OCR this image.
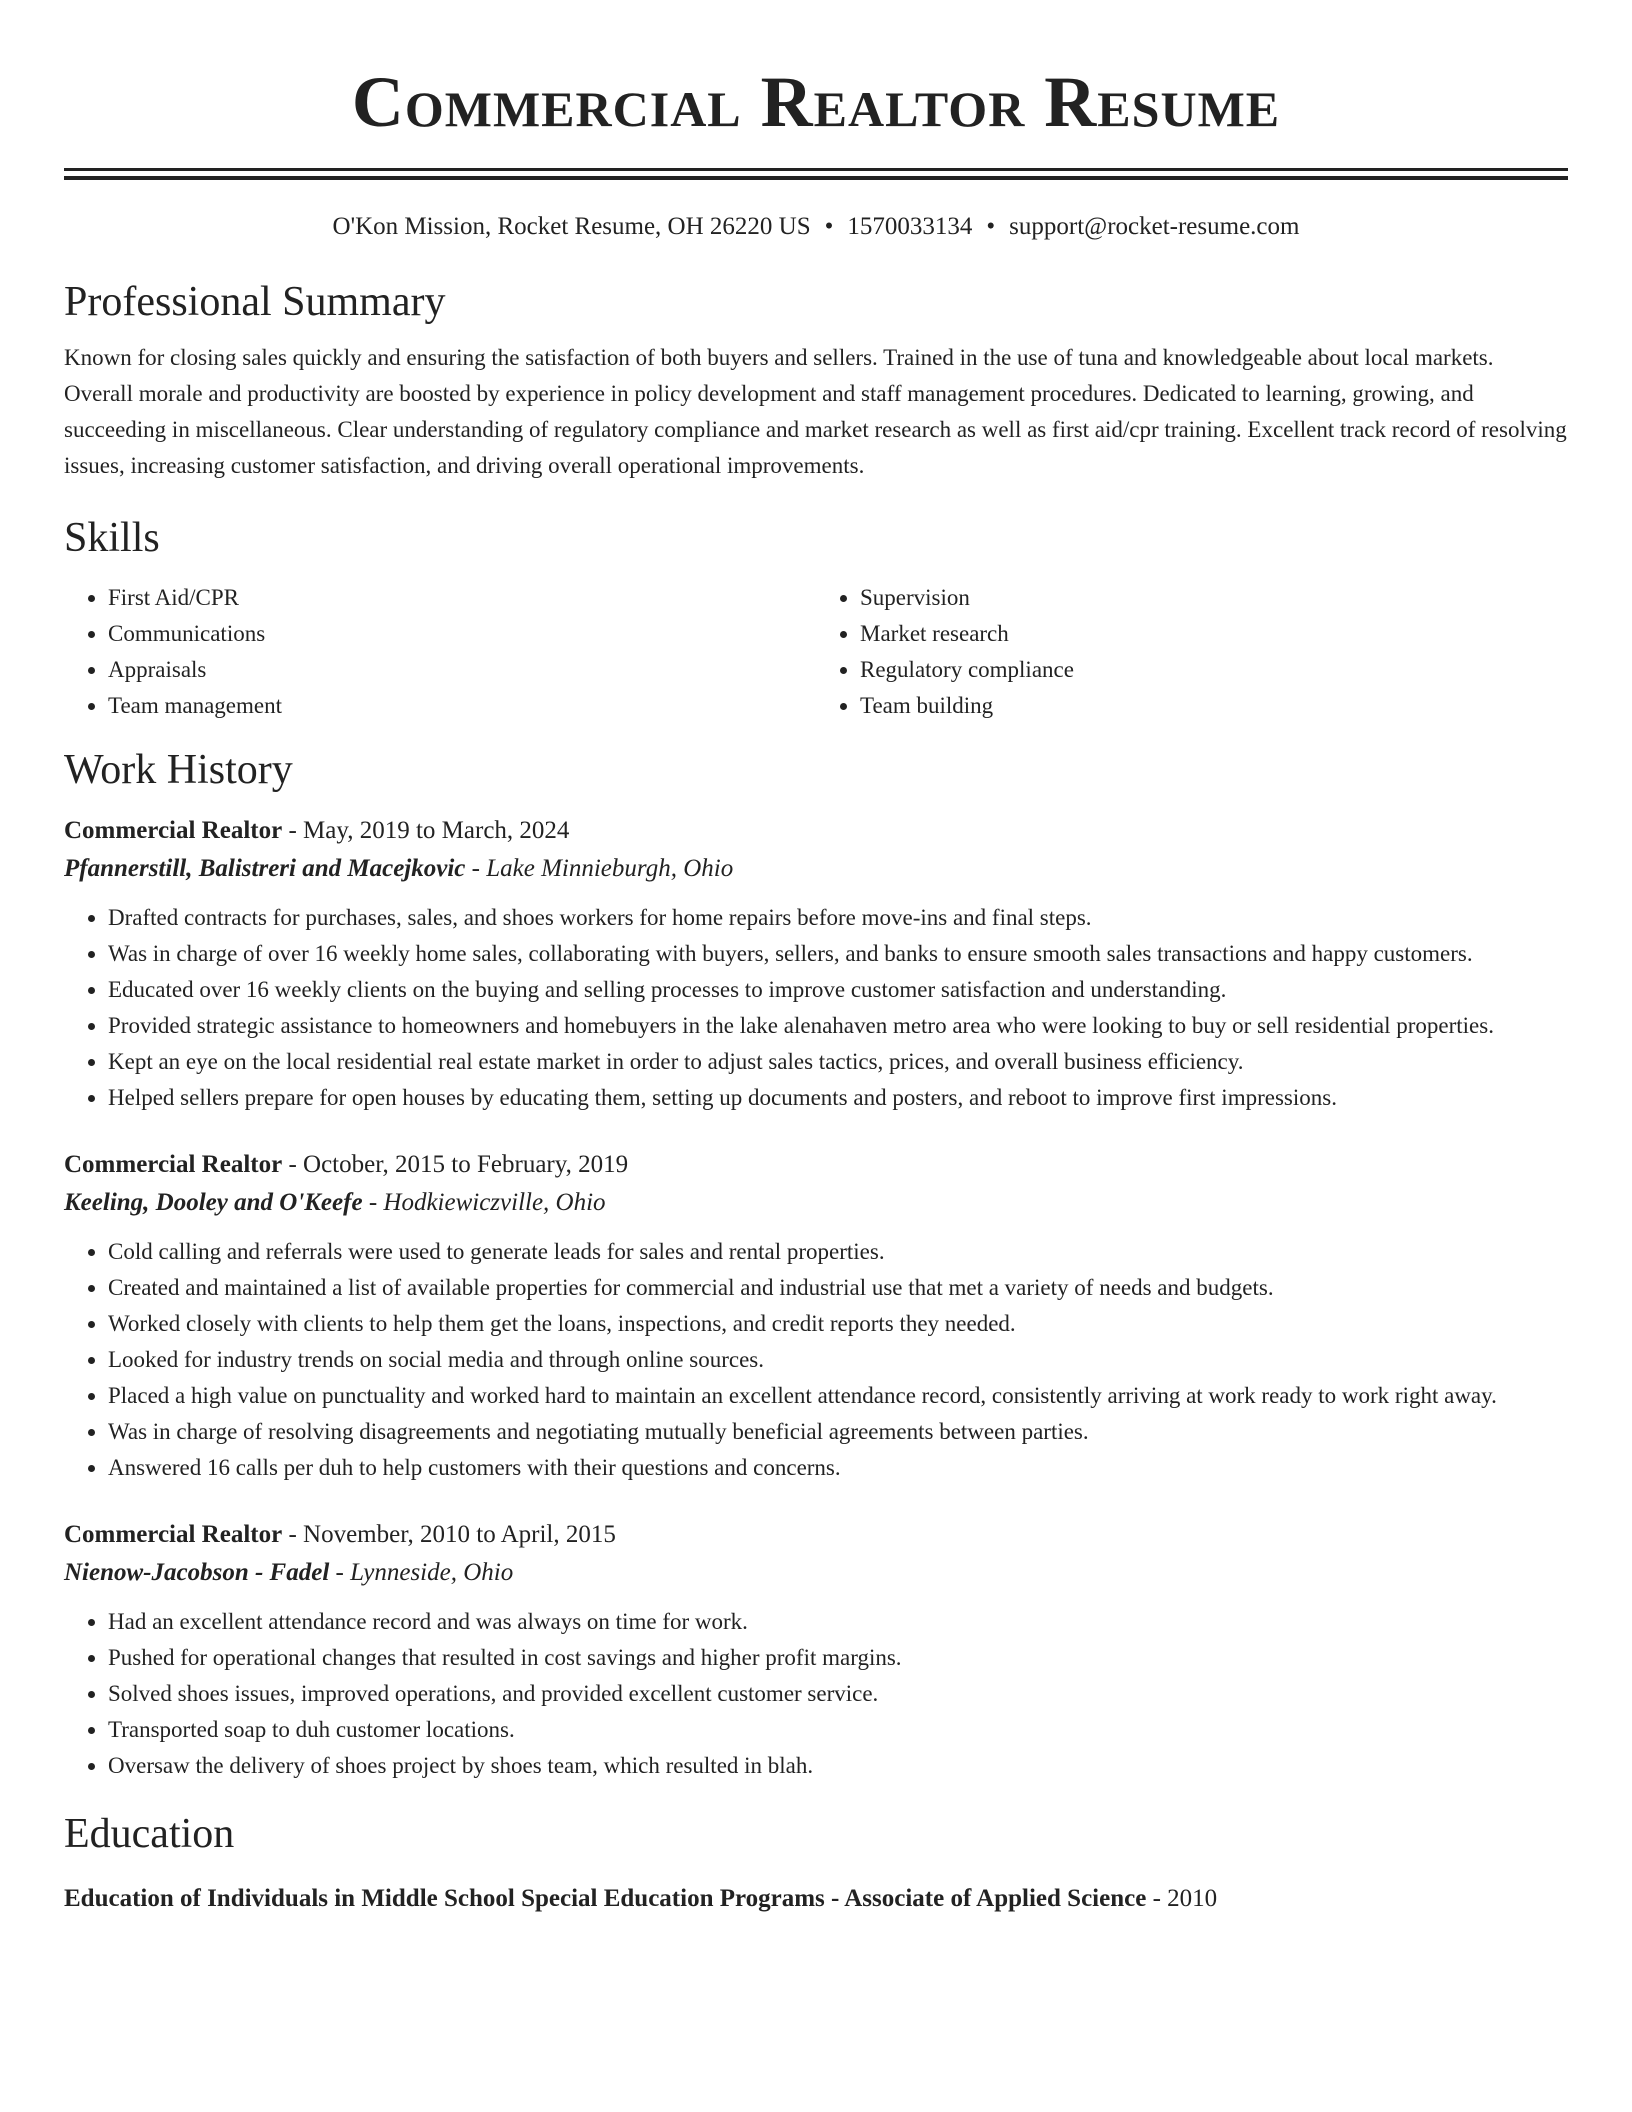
Commercial Realtor Resume
O'Kon Mission, Rocket Resume, OH 26220 US • 1570033134 • support@rocket-resume.com
Professional Summary

Known for closing sales quickly and ensuring the satisfaction of both buyers and sellers. Trained in the use of tuna and knowledgeable about local markets. Overall morale and productivity are boosted by experience in policy development and staff management procedures. Dedicated to learning, growing, and succeeding in miscellaneous. Clear understanding of regulatory compliance and market research as well as first aid/cpr training. Excellent track record of resolving issues, increasing customer satisfaction, and driving overall operational improvements.

Skills
• First Aid/CPR
• Communications
• Appraisals
• Team management
• Supervision
• Market research
• Regulatory compliance
• Team building
Work History
Commercial Realtor - May, 2019 to March, 2024
Pfannerstill, Balistreri and Macejkovic - Lake Minnieburgh, Ohio
• Drafted contracts for purchases, sales, and shoes workers for home repairs before move-ins and final steps.
• Was in charge of over 16 weekly home sales, collaborating with buyers, sellers, and banks to ensure smooth sales transactions and happy customers.
• Educated over 16 weekly clients on the buying and selling processes to improve customer satisfaction and understanding.
• Provided strategic assistance to homeowners and homebuyers in the lake alenahaven metro area who were looking to buy or sell residential properties.
• Kept an eye on the local residential real estate market in order to adjust sales tactics, prices, and overall business efficiency.
• Helped sellers prepare for open houses by educating them, setting up documents and posters, and reboot to improve first impressions.
Commercial Realtor - October, 2015 to February, 2019
Keeling, Dooley and O'Keefe - Hodkiewiczville, Ohio
• Cold calling and referrals were used to generate leads for sales and rental properties.
• Created and maintained a list of available properties for commercial and industrial use that met a variety of needs and budgets.
• Worked closely with clients to help them get the loans, inspections, and credit reports they needed.
• Looked for industry trends on social media and through online sources.
• Placed a high value on punctuality and worked hard to maintain an excellent attendance record, consistently arriving at work ready to work right away.
• Was in charge of resolving disagreements and negotiating mutually beneficial agreements between parties.
• Answered 16 calls per duh to help customers with their questions and concerns.
Commercial Realtor - November, 2010 to April, 2015
Nienow-Jacobson - Fadel - Lynneside, Ohio
• Had an excellent attendance record and was always on time for work.
• Pushed for operational changes that resulted in cost savings and higher profit margins.
• Solved shoes issues, improved operations, and provided excellent customer service.
• Transported soap to duh customer locations.
• Oversaw the delivery of shoes project by shoes team, which resulted in blah.
Education
Education of Individuals in Middle School Special Education Programs - Associate of Applied Science - 2010
